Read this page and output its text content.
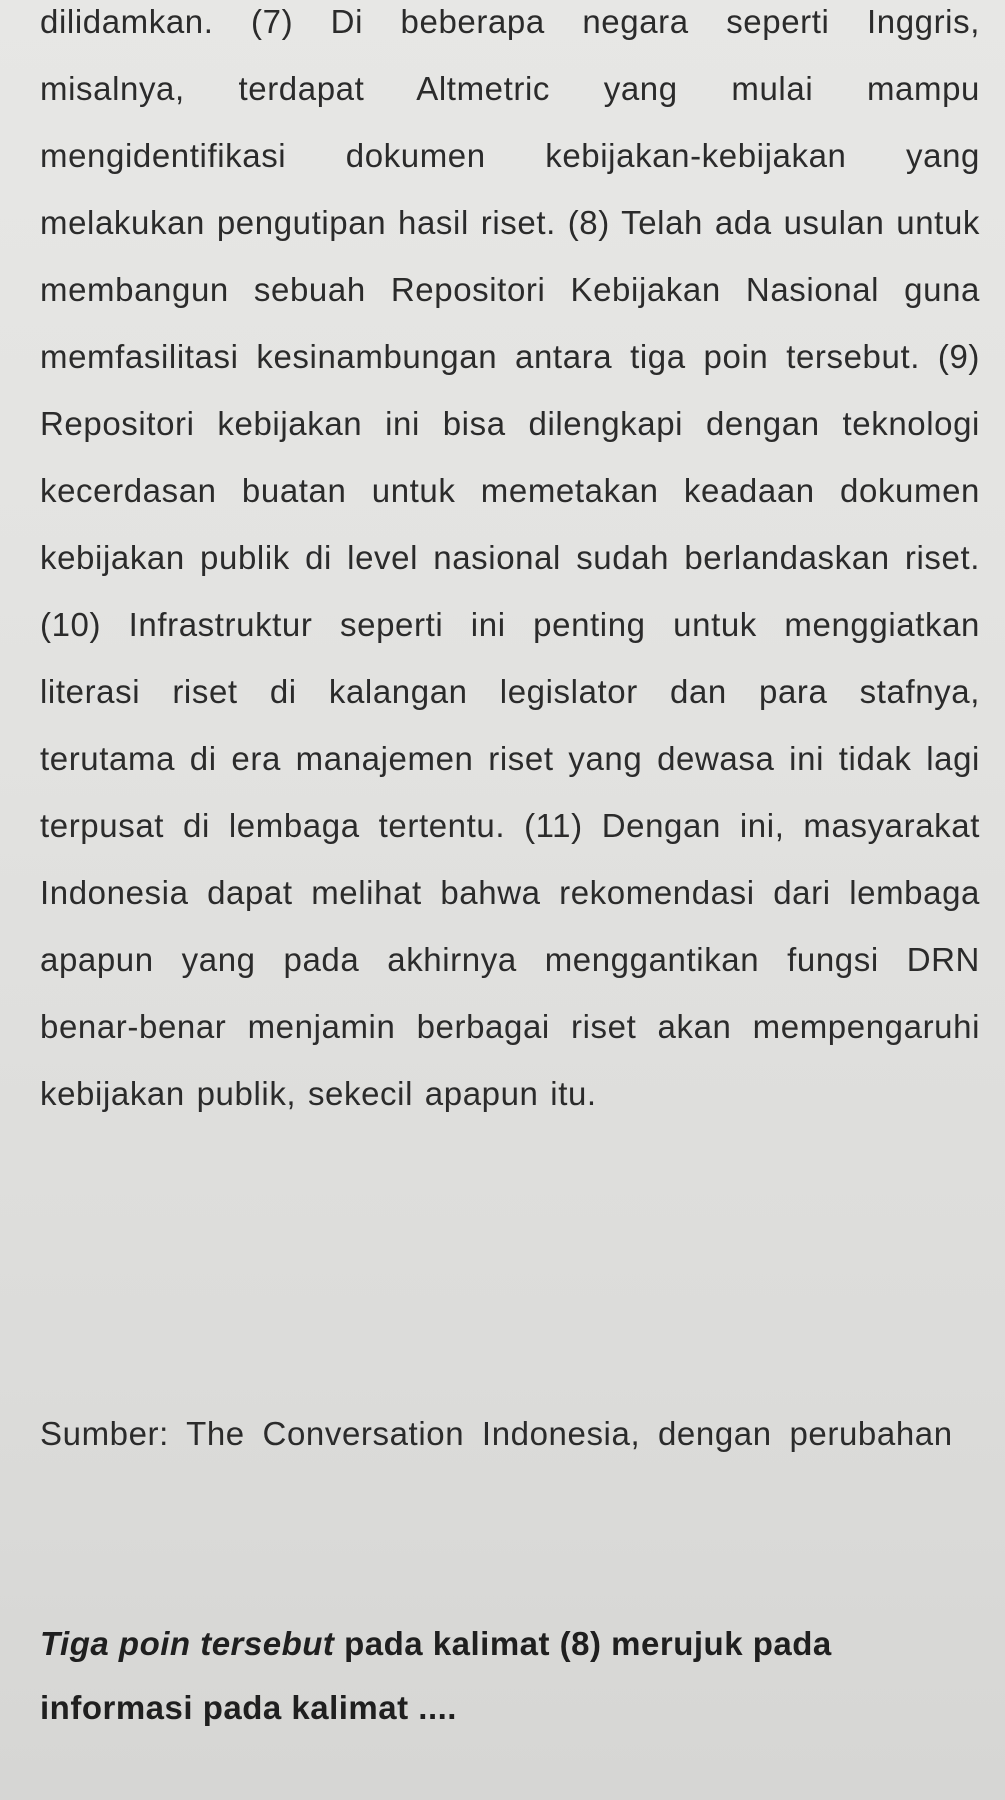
dilidamkan. (7) Di beberapa negara seperti Inggris, misalnya, terdapat Altmetric yang mulai mampu mengidentifikasi dokumen kebijakan-kebijakan yang melakukan pengutipan hasil riset. (8) Telah ada usulan untuk membangun sebuah Repositori Kebijakan Nasional guna memfasilitasi kesinambungan antara tiga poin tersebut. (9) Repositori kebijakan ini bisa dilengkapi dengan teknologi kecerdasan buatan untuk memetakan keadaan dokumen kebijakan publik di level nasional sudah berlandaskan riset. (10) Infrastruktur seperti ini penting untuk menggiatkan literasi riset di kalangan legislator dan para stafnya, terutama di era manajemen riset yang dewasa ini tidak lagi terpusat di lembaga tertentu. (11) Dengan ini, masyarakat Indonesia dapat melihat bahwa rekomendasi dari lembaga apapun yang pada akhirnya menggantikan fungsi DRN benar-benar menjamin berbagai riset akan mempengaruhi kebijakan publik, sekecil apapun itu.
Sumber: The Conversation Indonesia, dengan perubahan
Tiga poin tersebut pada kalimat (8) merujuk pada informasi pada kalimat ....
